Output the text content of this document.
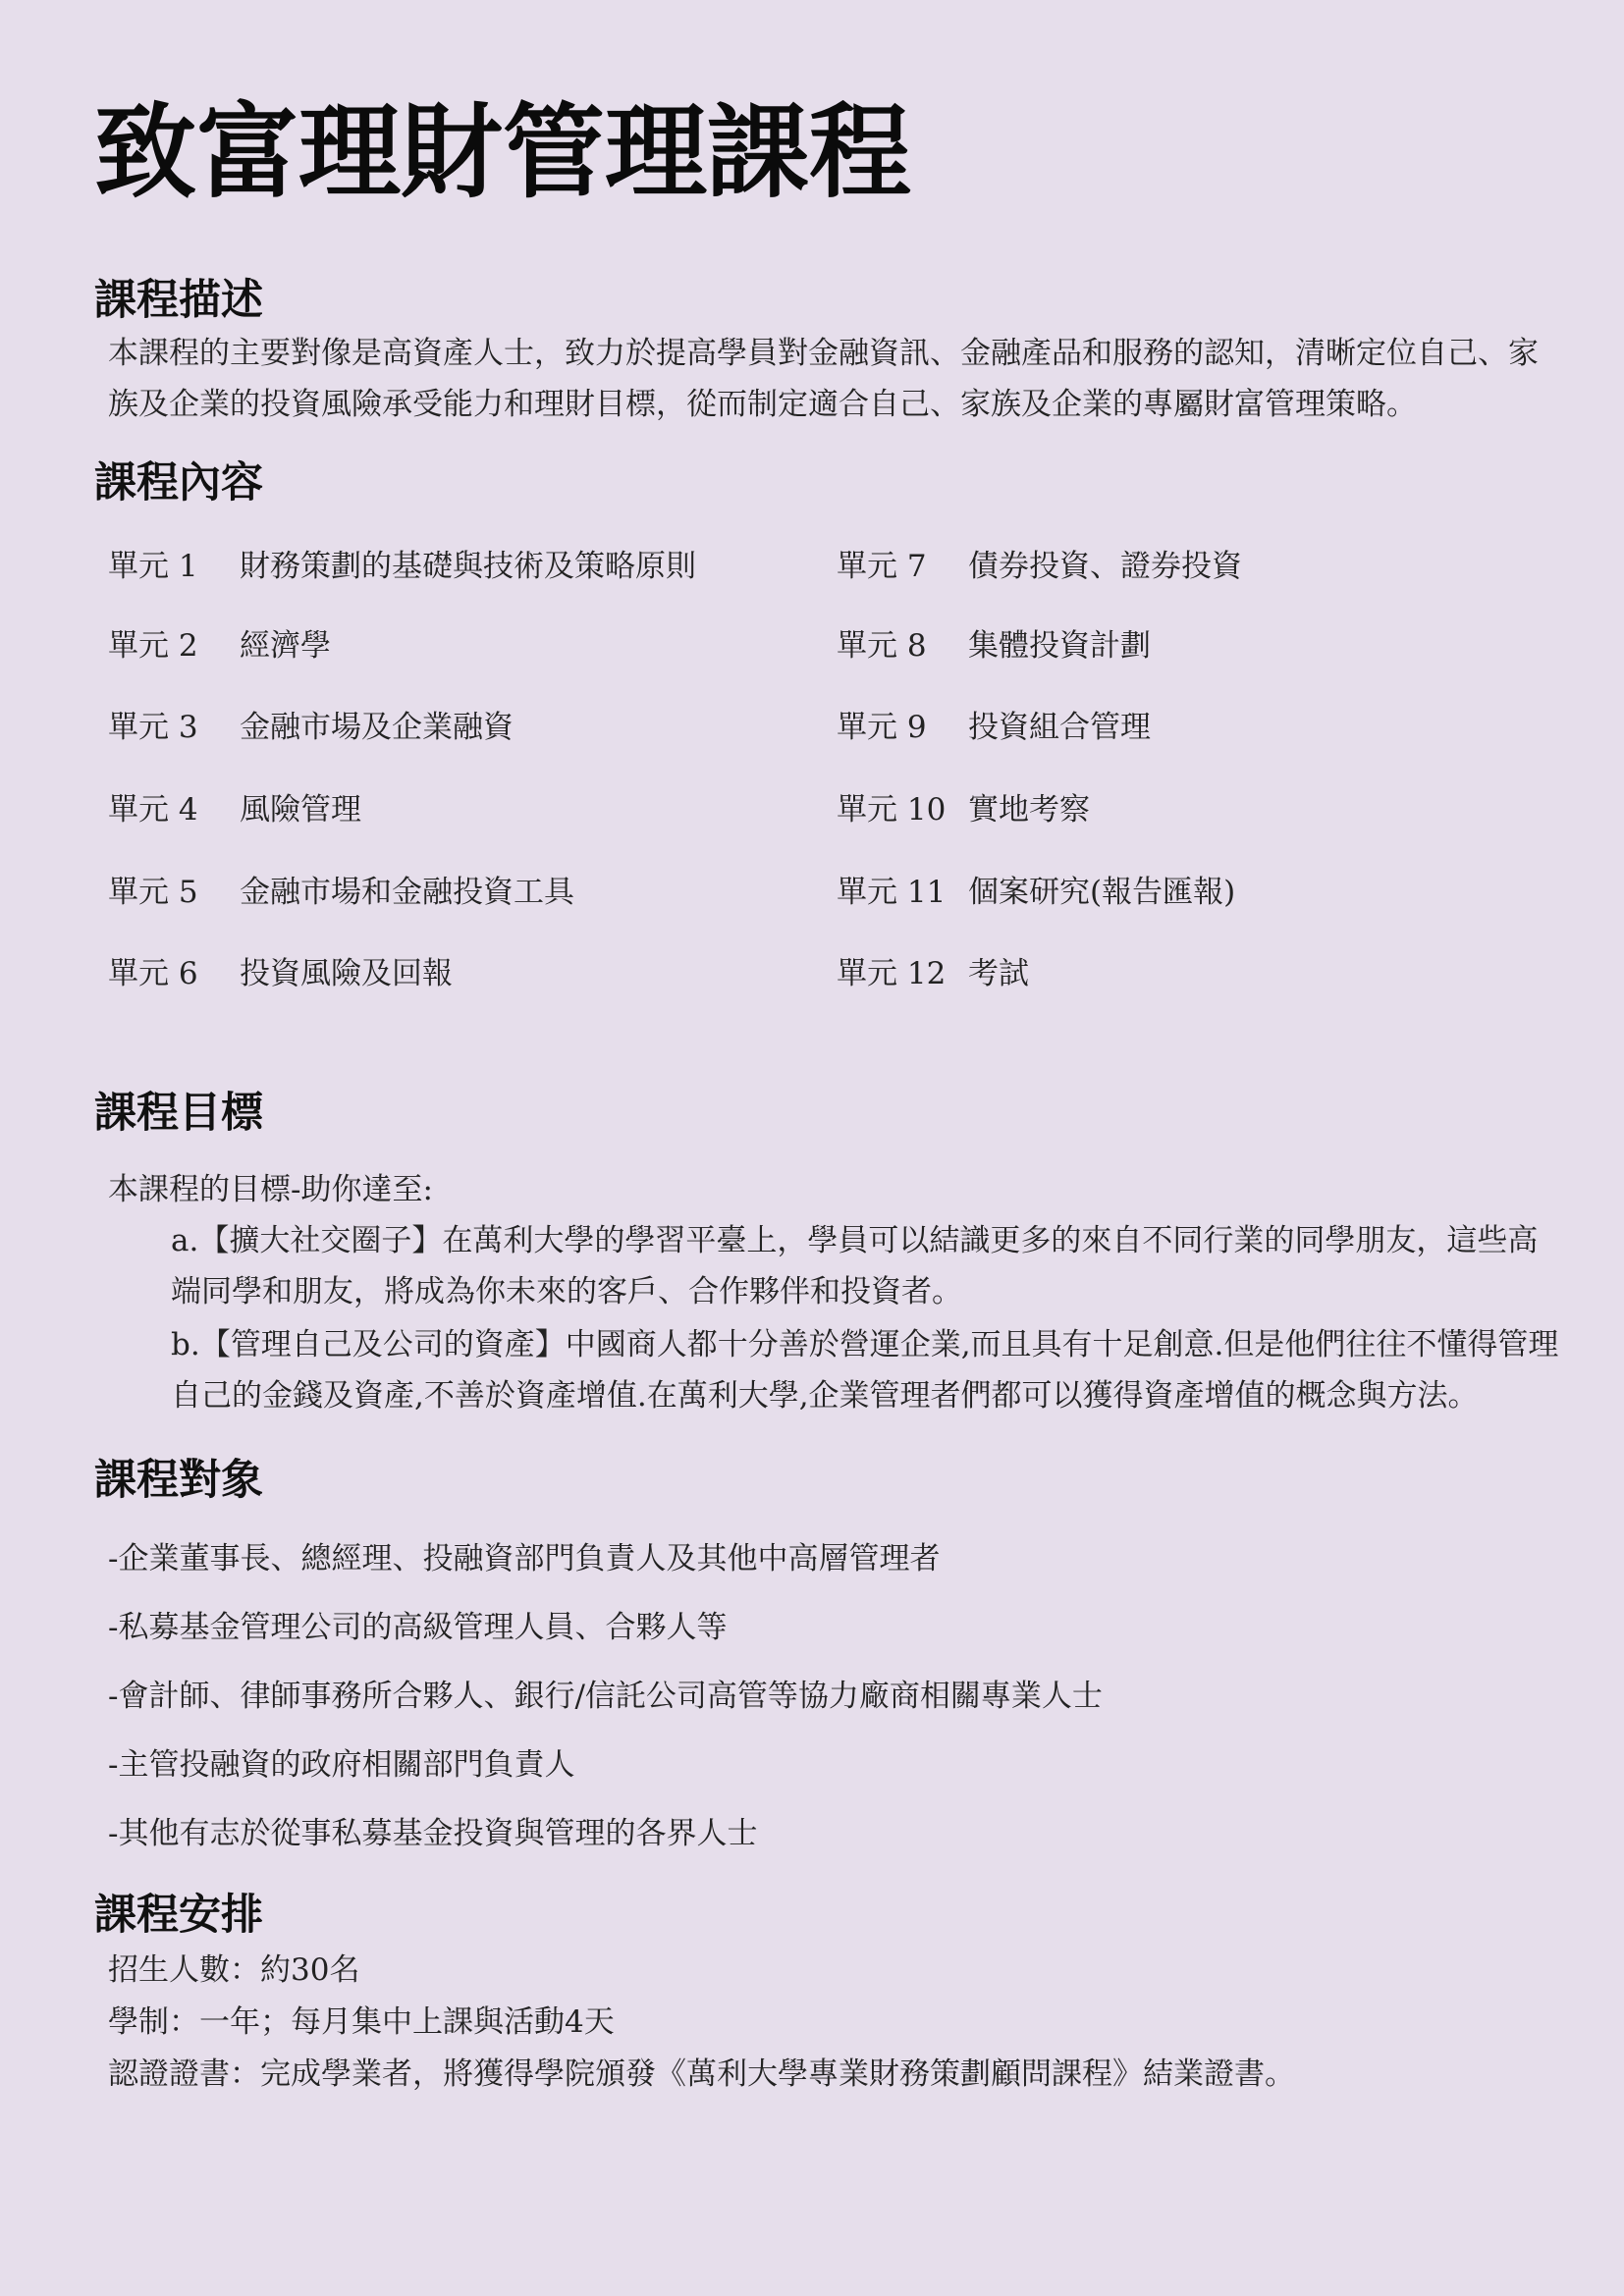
致富理財管理課程
課程描述

本課程的主要對像是高資產人士，致力於提高學員對金融資訊、金融產品和服務的認知，清晰定位自己、家族及企業的投資風險承受能力和理財目標，從而制定適合自己、家族及企業的專屬財富管理策略。

課程內容
單元 1 財務策劃的基礎與技術及策略原則
單元 2 經濟學
單元 3 金融市場及企業融資
單元 4 風險管理
單元 5 金融市場和金融投資工具
單元 6 投資風險及回報
單元 7 債券投資、證券投資
單元 8 集體投資計劃
單元 9 投資組合管理
單元 10 實地考察
單元 11 個案研究(報告匯報)
單元 12 考試
課程目標

本課程的目標-助你達至:

a.【擴大社交圈子】在萬利大學的學習平臺上，學員可以結識更多的來自不同行業的同學朋友，這些高端同學和朋友，將成為你未來的客戶、合作夥伴和投資者。

b.【管理自己及公司的資產】中國商人都十分善於營運企業,而且具有十足創意.但是他們往往不懂得管理自己的金錢及資產,不善於資產增值.在萬利大學,企業管理者們都可以獲得資產增值的概念與方法。

課程對象
-企業董事長、總經理、投融資部門負責人及其他中高層管理者
-私募基金管理公司的高級管理人員、合夥人等
-會計師、律師事務所合夥人、銀行/信託公司高管等協力廠商相關專業人士
-主管投融資的政府相關部門負責人
-其他有志於從事私募基金投資與管理的各界人士
課程安排
招生人數：約30名
學制：一年；每月集中上課與活動4天
認證證書：完成學業者，將獲得學院頒發《萬利大學專業財務策劃顧問課程》結業證書。
